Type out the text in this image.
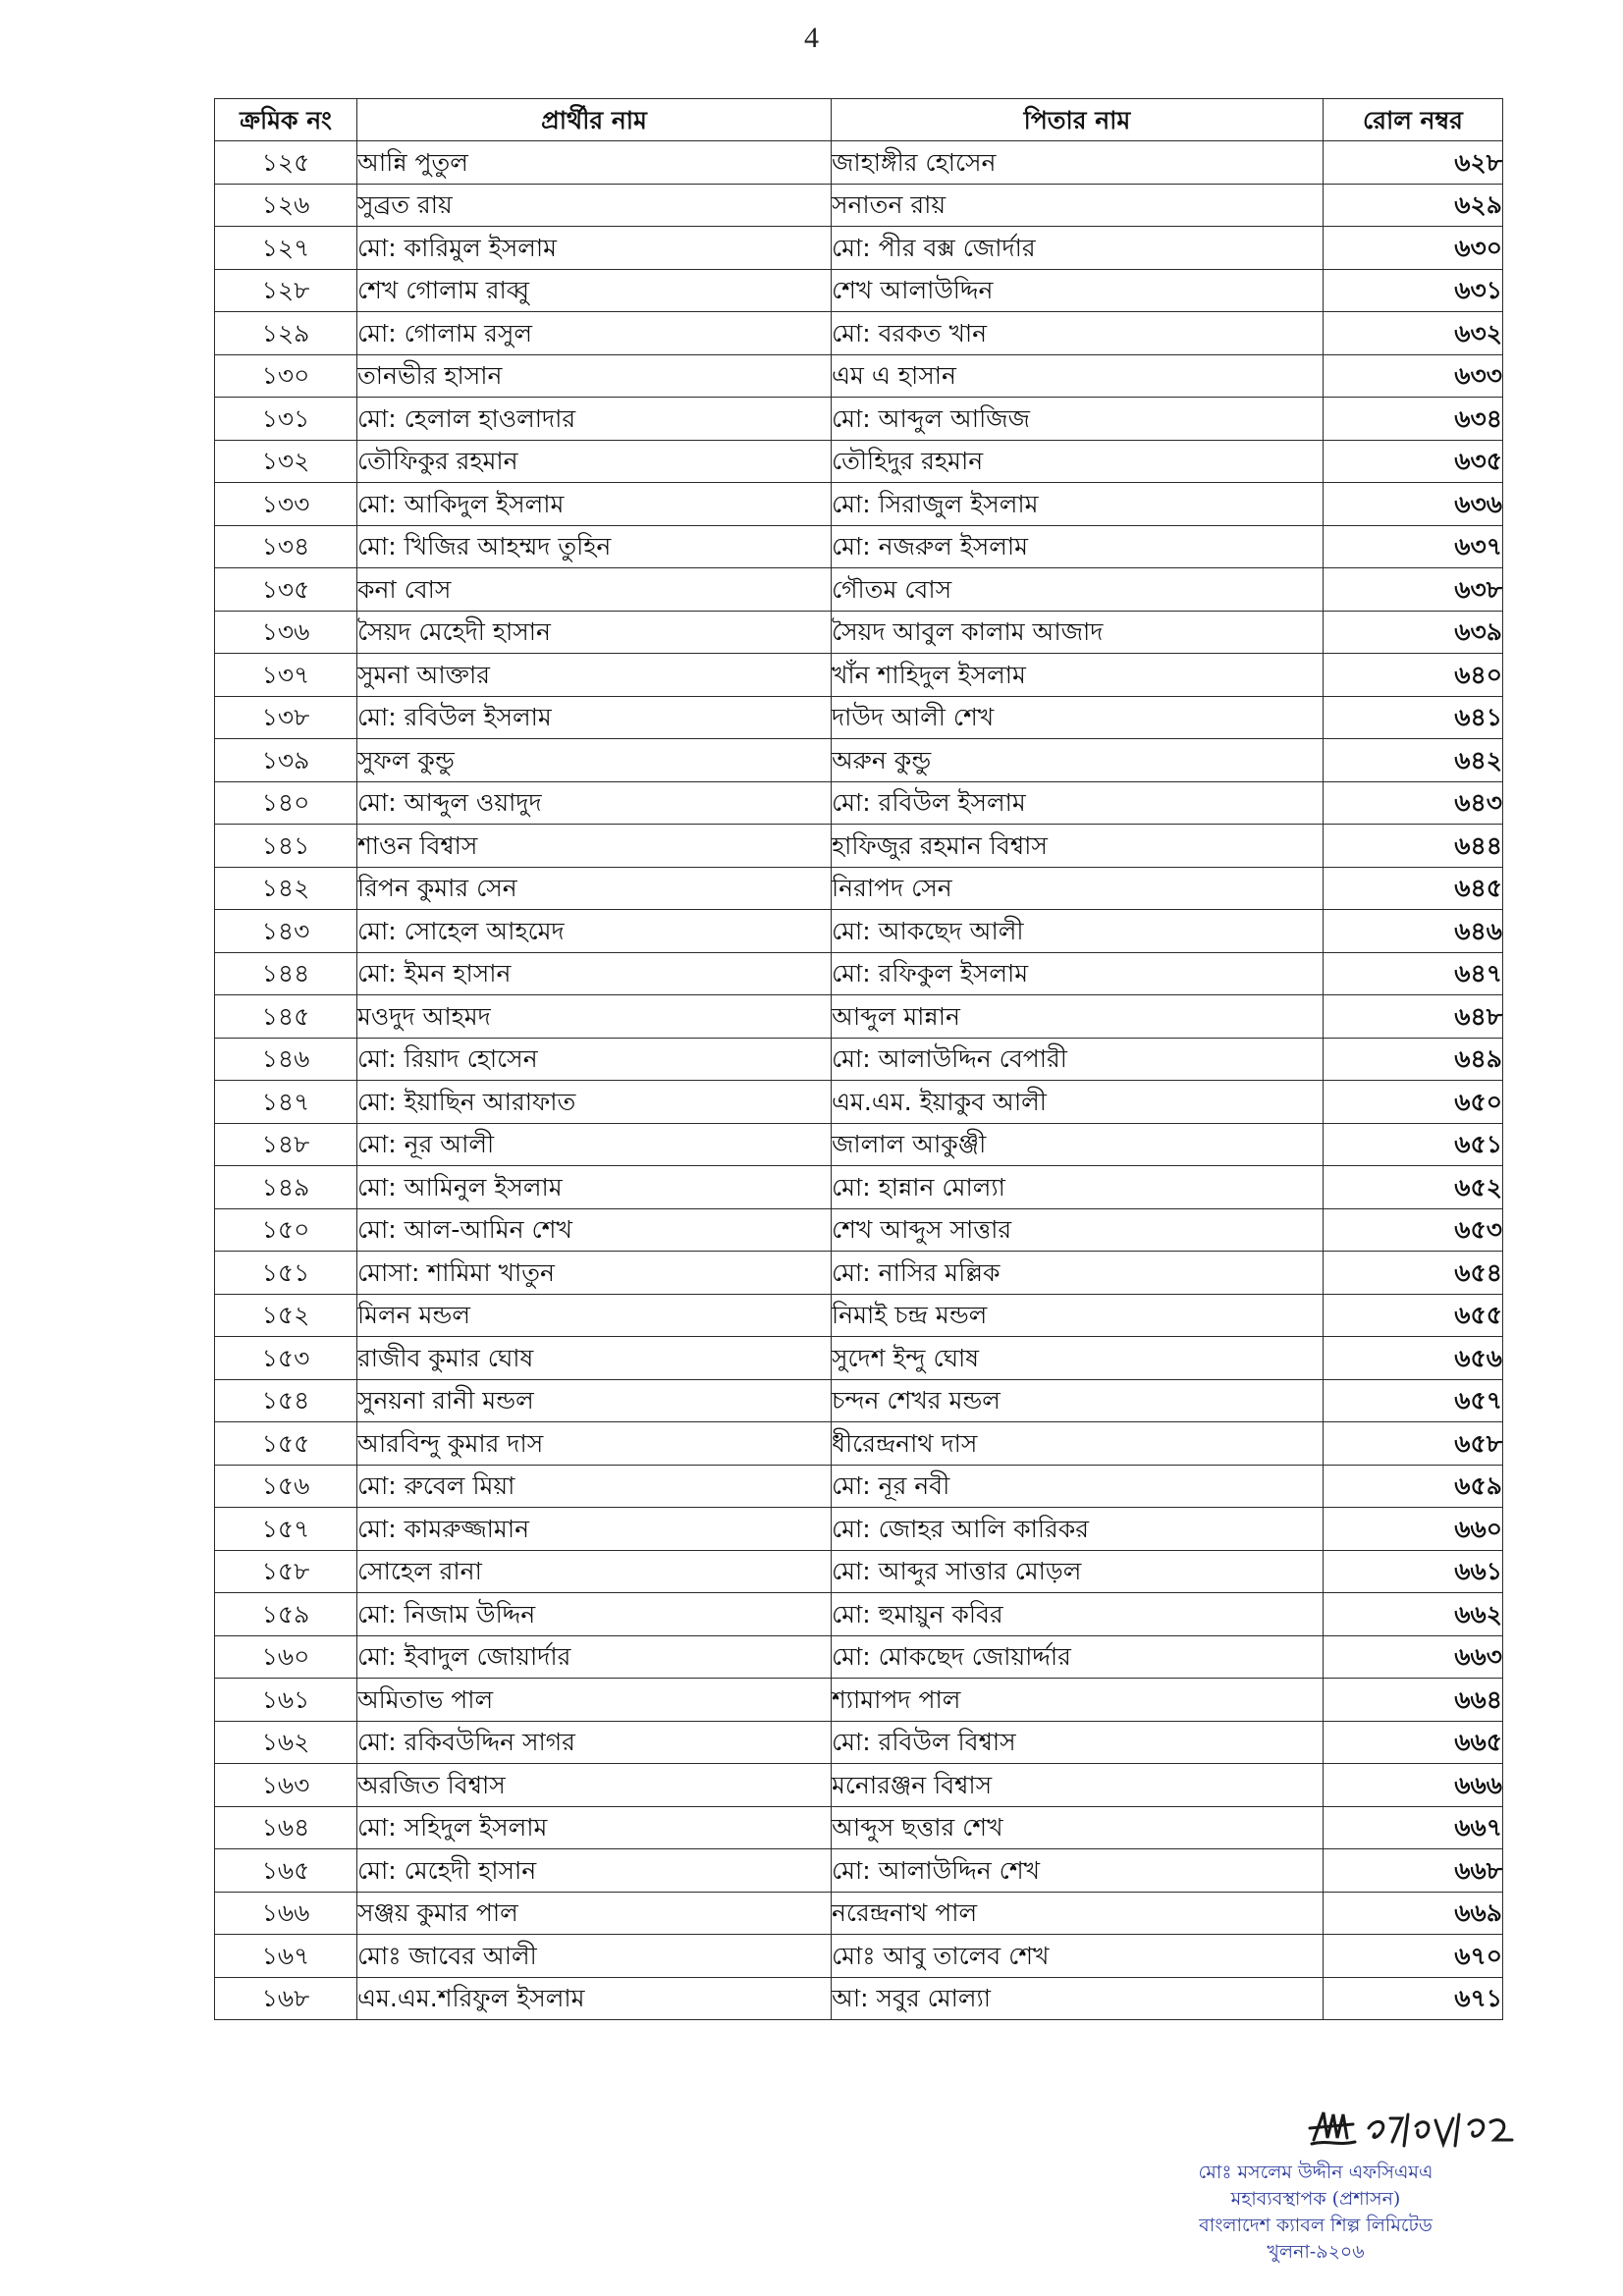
4
ক্রমিক নং	প্রার্থীর নাম	পিতার নাম	রোল নম্বর
১২৫	আন্নি পুতুল	জাহাঙ্গীর হোসেন	৬২৮
১২৬	সুব্রত রায়	সনাতন রায়	৬২৯
১২৭	মো: কারিমুল ইসলাম	মো: পীর বক্স জোর্দার	৬৩০
১২৮	শেখ গোলাম রাব্বু	শেখ আলাউদ্দিন	৬৩১
১২৯	মো: গোলাম রসুল	মো: বরকত খান	৬৩২
১৩০	তানভীর হাসান	এম এ হাসান	৬৩৩
১৩১	মো: হেলাল হাওলাদার	মো: আব্দুল আজিজ	৬৩৪
১৩২	তৌফিকুর রহমান	তৌহিদুর রহমান	৬৩৫
১৩৩	মো: আকিদুল ইসলাম	মো: সিরাজুল ইসলাম	৬৩৬
১৩৪	মো: খিজির আহম্মদ তুহিন	মো: নজরুল ইসলাম	৬৩৭
১৩৫	কনা বোস	গৌতম বোস	৬৩৮
১৩৬	সৈয়দ মেহেদী হাসান	সৈয়দ আবুল কালাম আজাদ	৬৩৯
১৩৭	সুমনা আক্তার	খাঁন শাহিদুল ইসলাম	৬৪০
১৩৮	মো: রবিউল ইসলাম	দাউদ আলী শেখ	৬৪১
১৩৯	সুফল কুন্ডু	অরুন কুন্ডু	৬৪২
১৪০	মো: আব্দুল ওয়াদুদ	মো: রবিউল ইসলাম	৬৪৩
১৪১	শাওন বিশ্বাস	হাফিজুর রহমান বিশ্বাস	৬৪৪
১৪২	রিপন কুমার সেন	নিরাপদ সেন	৬৪৫
১৪৩	মো: সোহেল আহমেদ	মো: আকছেদ আলী	৬৪৬
১৪৪	মো: ইমন হাসান	মো: রফিকুল ইসলাম	৬৪৭
১৪৫	মওদুদ আহমদ	আব্দুল মান্নান	৬৪৮
১৪৬	মো: রিয়াদ হোসেন	মো: আলাউদ্দিন বেপারী	৬৪৯
১৪৭	মো: ইয়াছিন আরাফাত	এম.এম. ইয়াকুব আলী	৬৫০
১৪৮	মো: নূর আলী	জালাল আকুঞ্জী	৬৫১
১৪৯	মো: আমিনুল ইসলাম	মো: হান্নান মোল্যা	৬৫২
১৫০	মো: আল-আমিন শেখ	শেখ আব্দুস সাত্তার	৬৫৩
১৫১	মোসা: শামিমা খাতুন	মো: নাসির মল্লিক	৬৫৪
১৫২	মিলন মন্ডল	নিমাই চন্দ্র মন্ডল	৬৫৫
১৫৩	রাজীব কুমার ঘোষ	সুদেশ ইন্দু ঘোষ	৬৫৬
১৫৪	সুনয়না রানী মন্ডল	চন্দন শেখর মন্ডল	৬৫৭
১৫৫	আরবিন্দু কুমার দাস	ধীরেন্দ্রনাথ দাস	৬৫৮
১৫৬	মো: রুবেল মিয়া	মো: নূর নবী	৬৫৯
১৫৭	মো: কামরুজ্জামান	মো: জোহর আলি কারিকর	৬৬০
১৫৮	সোহেল রানা	মো: আব্দুর সাত্তার মোড়ল	৬৬১
১৫৯	মো: নিজাম উদ্দিন	মো: হুমায়ুন কবির	৬৬২
১৬০	মো: ইবাদুল জোয়ার্দার	মো: মোকছেদ জোয়ার্দ্দার	৬৬৩
১৬১	অমিতাভ পাল	শ্যামাপদ পাল	৬৬৪
১৬২	মো: রকিবউদ্দিন সাগর	মো: রবিউল বিশ্বাস	৬৬৫
১৬৩	অরজিত বিশ্বাস	মনোরঞ্জন বিশ্বাস	৬৬৬
১৬৪	মো: সহিদুল ইসলাম	আব্দুস ছত্তার শেখ	৬৬৭
১৬৫	মো: মেহেদী হাসান	মো: আলাউদ্দিন শেখ	৬৬৮
১৬৬	সঞ্জয় কুমার পাল	নরেন্দ্রনাথ পাল	৬৬৯
১৬৭	মোঃ জাবের আলী	মোঃ আবু তালেব শেখ	৬৭০
১৬৮	এম.এম.শরিফুল ইসলাম	আ: সবুর মোল্যা	৬৭১
মোঃ মসলেম উদ্দীন এফসিএমএ
মহাব্যবস্থাপক (প্রশাসন)
বাংলাদেশ ক্যাবল শিল্প লিমিটেড
খুলনা-৯২০৬
